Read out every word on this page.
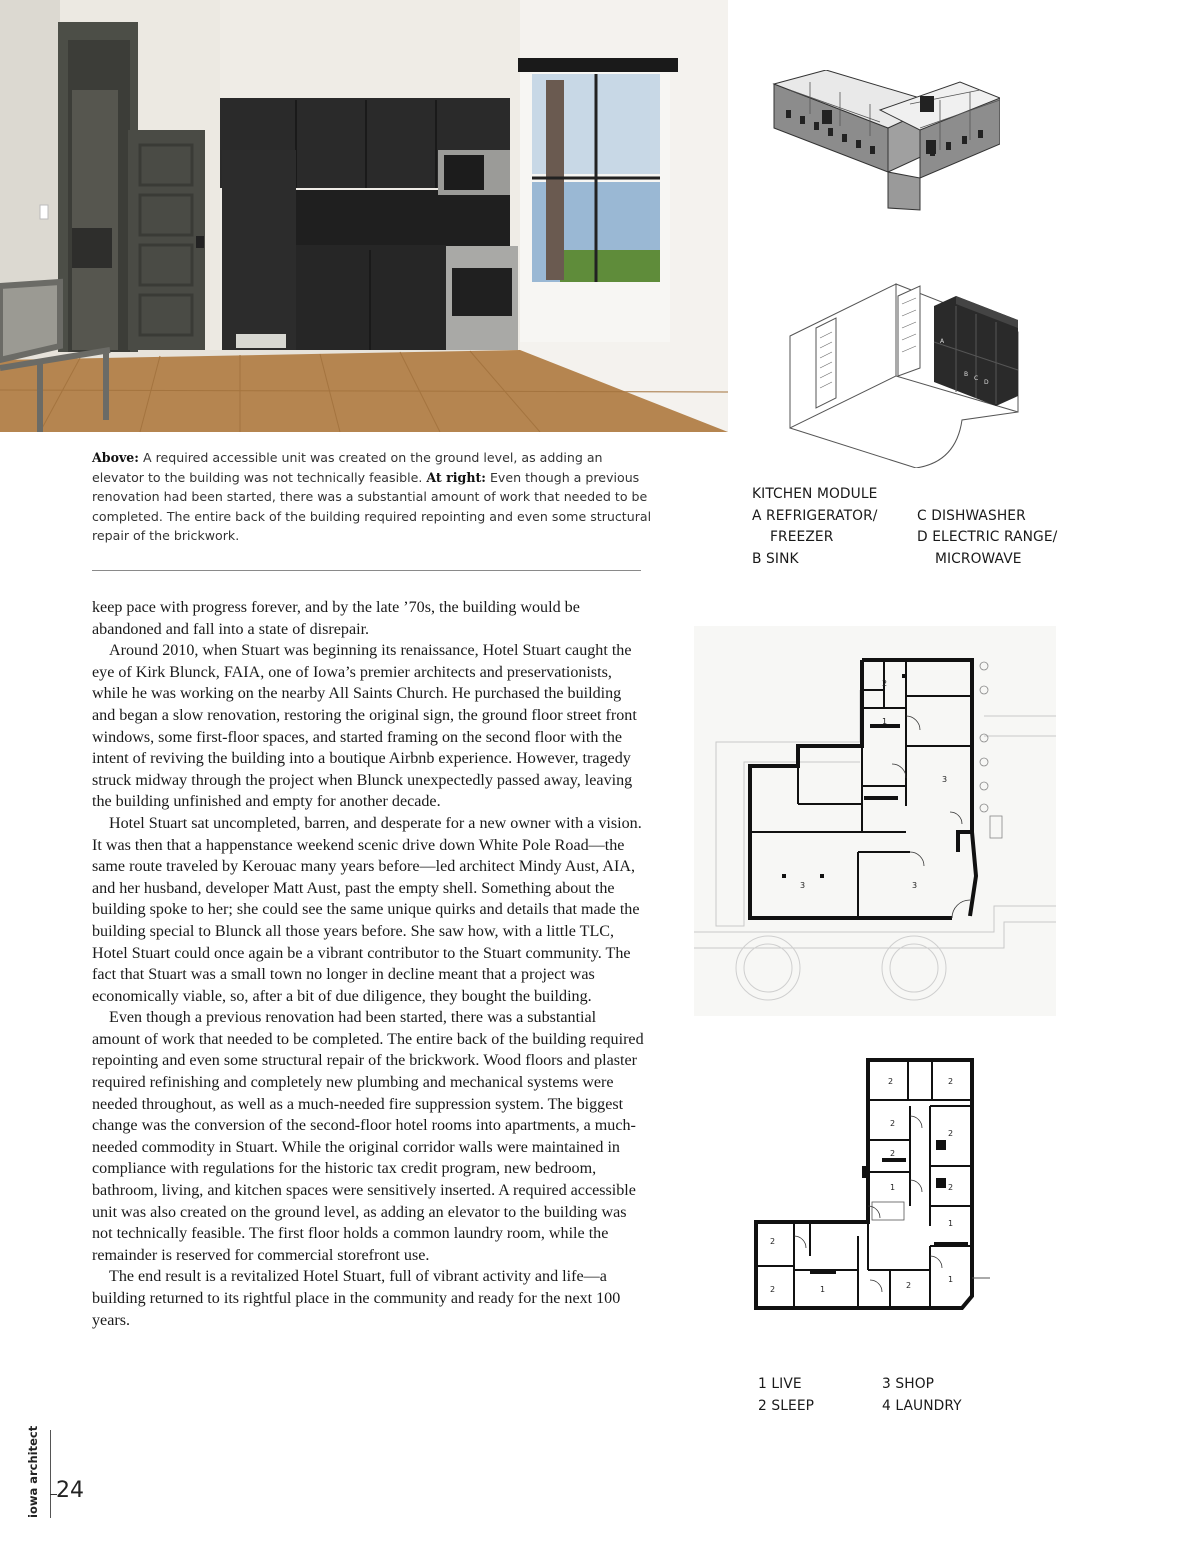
Above: A required accessible unit was created on the ground level, as adding an elevator to the building was not technically feasible. At right: Even though a previous renovation had been started, there was a substantial amount of work that needed to be completed. The entire back of the building required repointing and even some structural repair of the brickwork.

keep pace with progress forever, and by the late ’70s, the building would be abandoned and fall into a state of disrepair.

Around 2010, when Stuart was beginning its renaissance, Hotel Stuart caught the eye of Kirk Blunck, FAIA, one of Iowa’s premier architects and preservationists, while he was working on the nearby All Saints Church. He purchased the building and began a slow renovation, restoring the original sign, the ground floor street front windows, some first-floor spaces, and started framing on the second floor with the intent of reviving the building into a boutique Airbnb experience. However, tragedy struck midway through the project when Blunck unexpectedly passed away, leaving the building unfinished and empty for another decade.

Hotel Stuart sat uncompleted, barren, and desperate for a new owner with a vision. It was then that a happenstance weekend scenic drive down White Pole Road—the same route traveled by Kerouac many years before—led architect Mindy Aust, AIA, and her husband, developer Matt Aust, past the empty shell. Something about the building spoke to her; she could see the same unique quirks and details that made the building special to Blunck all those years before. She saw how, with a little TLC, Hotel Stuart could once again be a vibrant contributor to the Stuart community. The fact that Stuart was a small town no longer in decline meant that a project was economically viable, so, after a bit of due diligence, they bought the building.

Even though a previous renovation had been started, there was a substantial amount of work that needed to be completed. The entire back of the building required repointing and even some structural repair of the brickwork. Wood floors and plaster required refinishing and completely new plumbing and mechanical systems were needed throughout, as well as a much-needed fire suppression system. The biggest change was the conversion of the second-floor hotel rooms into apartments, a much-needed commodity in Stuart. While the original corridor walls were maintained in compliance with regulations for the historic tax credit program, new bedroom, bathroom, living, and kitchen spaces were sensitively inserted. A required accessible unit was also created on the ground level, as adding an elevator to the building was not technically feasible. The first floor holds a common laundry room, while the remainder is reserved for commercial storefront use.

The end result is a revitalized Hotel Stuart, full of vibrant activity and life—a building returned to its rightful place in the community and ready for the next 100 years.

A
B
C
D
KITCHEN MODULE
A REFRIGERATOR/
FREEZER
B SINK
C DISHWASHER
D ELECTRIC RANGE/
MICROWAVE
2
1
3
3	3
2	2
2
2
2
2
2	2
2
1
1
1
1
1 LIVE
2 SLEEP
3 SHOP
4 LAUNDRY
iowa architect 24
